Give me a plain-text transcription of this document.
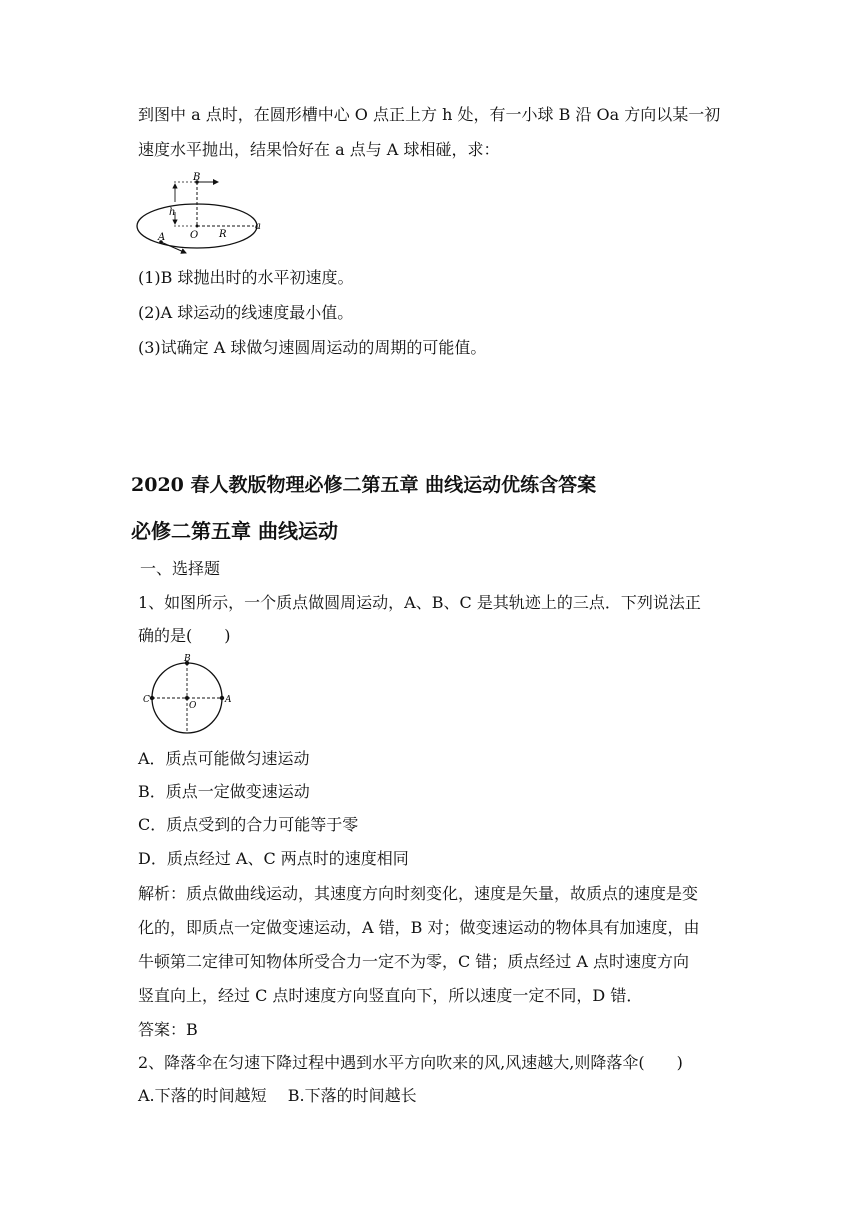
到图中 a 点时，在圆形槽中心 O 点正上方 h 处，有一小球 B 沿 Oa 方向以某一初
速度水平抛出，结果恰好在 a 点与 A 球相碰，求：
B
h
O R
a
A
(1)B 球抛出时的水平初速度。
(2)A 球运动的线速度最小值。
(3)试确定 A 球做匀速圆周运动的周期的可能值。
2020 春人教版物理必修二第五章 曲线运动优练含答案
必修二第五章 曲线运动
一、选择题
1、如图所示，一个质点做圆周运动，A、B、C 是其轨迹上的三点．下列说法正
确的是(　　)
B
C	A
O
A．质点可能做匀速运动
B．质点一定做变速运动
C．质点受到的合力可能等于零
D．质点经过 A、C 两点时的速度相同
解析：质点做曲线运动，其速度方向时刻变化，速度是矢量，故质点的速度是变
化的，即质点一定做变速运动，A 错，B 对；做变速运动的物体具有加速度，由
牛顿第二定律可知物体所受合力一定不为零，C 错；质点经过 A 点时速度方向
竖直向上，经过 C 点时速度方向竖直向下，所以速度一定不同，D 错．
答案：B
2、降落伞在匀速下降过程中遇到水平方向吹来的风,风速越大,则降落伞(　　)
A.下落的时间越短　 B.下落的时间越长
